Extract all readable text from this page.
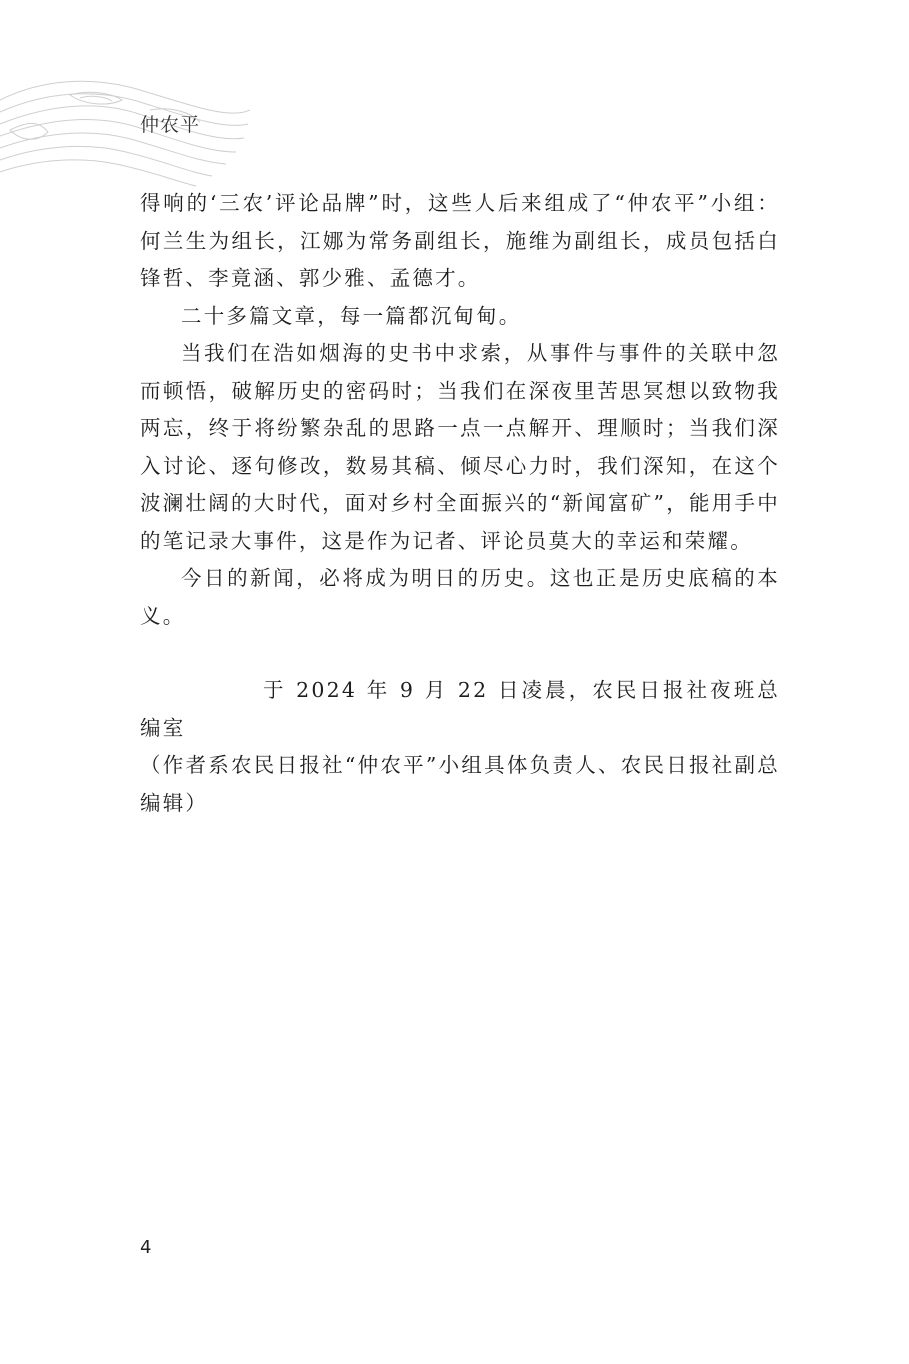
仲农平

得响的‘三农’评论品牌”时，这些人后来组成了“仲农平”小组：何兰生为组长，江娜为常务副组长，施维为副组长，成员包括白锋哲、李竟涵、郭少雅、孟德才。

二十多篇文章，每一篇都沉甸甸。

当我们在浩如烟海的史书中求索，从事件与事件的关联中忽而顿悟，破解历史的密码时；当我们在深夜里苦思冥想以致物我两忘，终于将纷繁杂乱的思路一点一点解开、理顺时；当我们深入讨论、逐句修改，数易其稿、倾尽心力时，我们深知，在这个波澜壮阔的大时代，面对乡村全面振兴的“新闻富矿”，能用手中的笔记录大事件，这是作为记者、评论员莫大的幸运和荣耀。

今日的新闻，必将成为明日的历史。这也正是历史底稿的本义。

于 2024 年 9 月 22 日凌晨，农民日报社夜班总编室

（作者系农民日报社“仲农平”小组具体负责人、农民日报社副总编辑）

4
